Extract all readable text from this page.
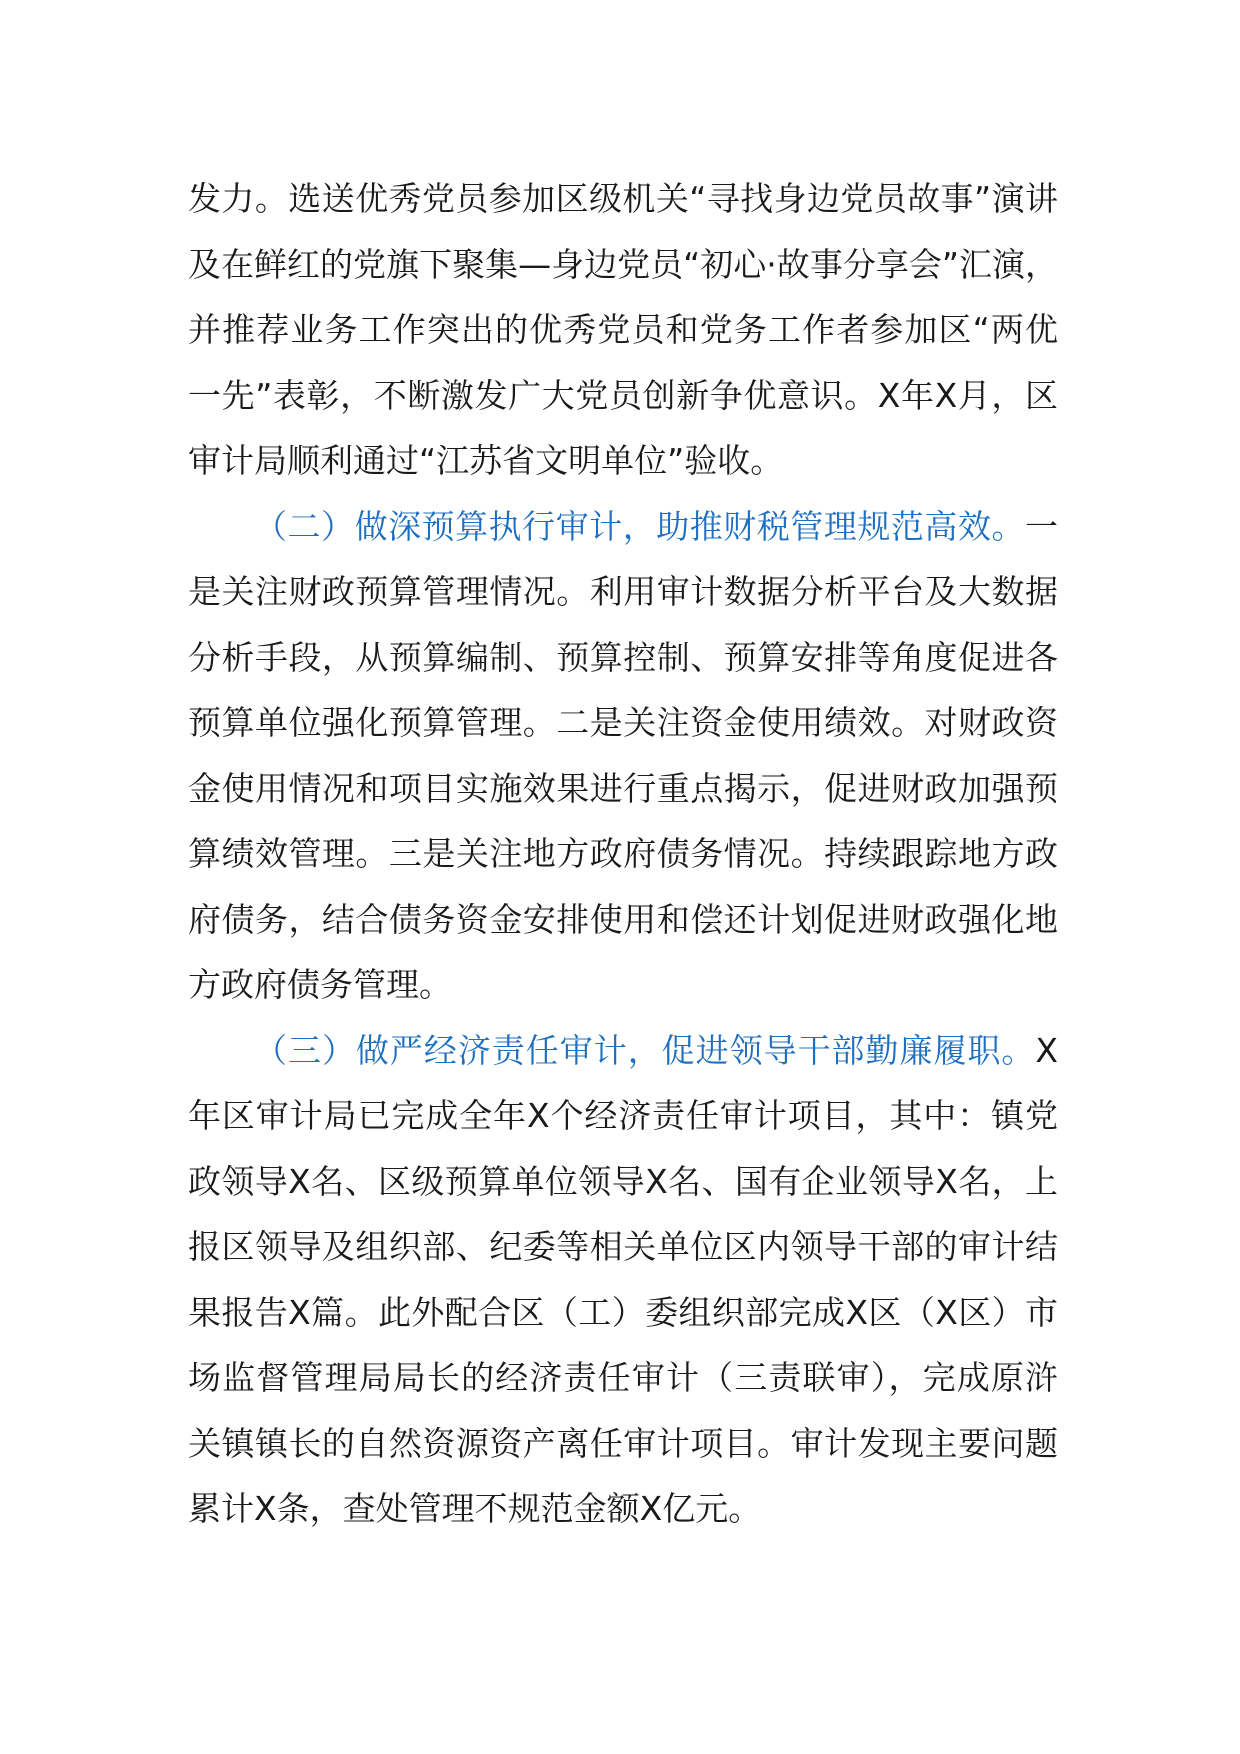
发力。选送优秀党员参加区级机关“寻找身边党员故事”演讲及在鲜红的党旗下聚集—身边党员“初心·故事分享会”汇演，并推荐业务工作突出的优秀党员和党务工作者参加区“两优一先”表彰，不断激发广大党员创新争优意识。X年X月，区审计局顺利通过“江苏省文明单位”验收。

（二）做深预算执行审计，助推财税管理规范高效。一是关注财政预算管理情况。利用审计数据分析平台及大数据分析手段，从预算编制、预算控制、预算安排等角度促进各预算单位强化预算管理。二是关注资金使用绩效。对财政资金使用情况和项目实施效果进行重点揭示，促进财政加强预算绩效管理。三是关注地方政府债务情况。持续跟踪地方政府债务，结合债务资金安排使用和偿还计划促进财政强化地方政府债务管理。

（三）做严经济责任审计，促进领导干部勤廉履职。X年区审计局已完成全年X个经济责任审计项目，其中：镇党政领导X名、区级预算单位领导X名、国有企业领导X名，上报区领导及组织部、纪委等相关单位区内领导干部的审计结果报告X篇。此外配合区（工）委组织部完成X区（X区）市场监督管理局局长的经济责任审计（三责联审），完成原浒关镇镇长的自然资源资产离任审计项目。审计发现主要问题累计X条，查处管理不规范金额X亿元。
